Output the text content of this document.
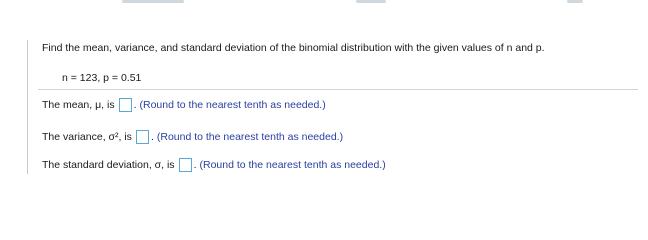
Find the mean, variance, and standard deviation of the binomial distribution with the given values of n and p.
n = 123, p = 0.51
The mean, μ, is . (Round to the nearest tenth as needed.)
The variance, σ², is . (Round to the nearest tenth as needed.)
The standard deviation, σ, is . (Round to the nearest tenth as needed.)
